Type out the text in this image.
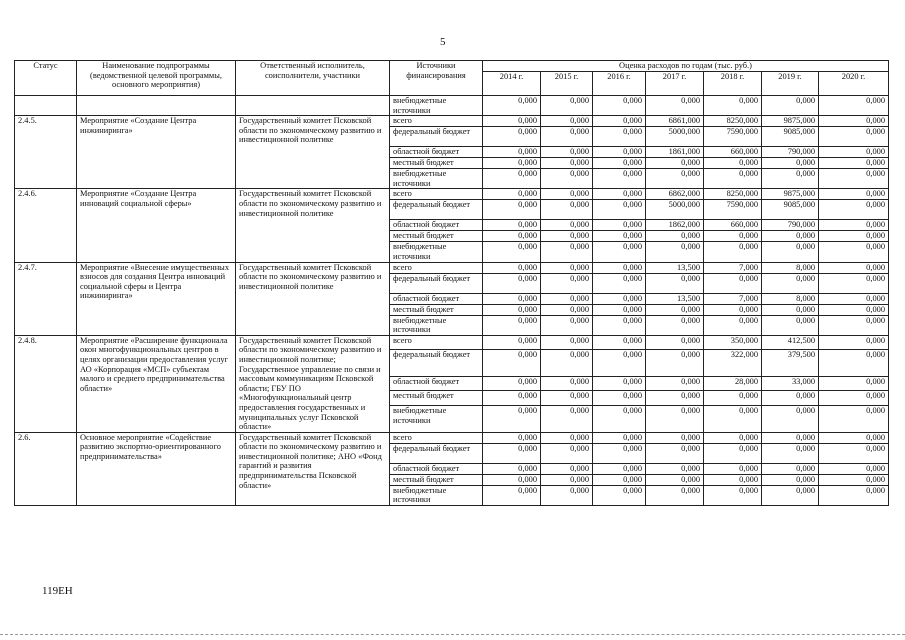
5
Статус	Наименование подпрограммы (ведомственной целевой программы, основного мероприятия)	Ответственный исполнитель, соисполнители, участники	Источники финансирования	Оценка расходов по годам (тыс. руб.)						
				2014 г.	2015 г.	2016 г.	2017 г.	2018 г.	2019 г.	2020 г.
			внебюджетные источники	0,000	0,000	0,000	0,000	0,000	0,000	0,000
2.4.5.	Мероприятие «Создание Центра инжиниринга»	Государственный комитет Псковской области по экономическому развитию и инвестиционной политике	всего	0,000	0,000	0,000	6861,000	8250,000	9875,000	0,000
			федеральный бюджет	0,000	0,000	0,000	5000,000	7590,000	9085,000	0,000
			областной бюджет	0,000	0,000	0,000	1861,000	660,000	790,000	0,000
			местный бюджет	0,000	0,000	0,000	0,000	0,000	0,000	0,000
			внебюджетные источники	0,000	0,000	0,000	0,000	0,000	0,000	0,000
2.4.6.	Мероприятие «Создание Центра инноваций социальной сферы»	Государственный комитет Псковской области по экономическому развитию и инвестиционной политике	всего	0,000	0,000	0,000	6862,000	8250,000	9875,000	0,000
			федеральный бюджет	0,000	0,000	0,000	5000,000	7590,000	9085,000	0,000
			областной бюджет	0,000	0,000	0,000	1862,000	660,000	790,000	0,000
			местный бюджет	0,000	0,000	0,000	0,000	0,000	0,000	0,000
			внебюджетные источники	0,000	0,000	0,000	0,000	0,000	0,000	0,000
2.4.7.	Мероприятие «Внесение имущественных взносов для создания Центра инноваций социальной сферы и Центра инжиниринга»	Государственный комитет Псковской области по экономическому развитию и инвестиционной политике	всего	0,000	0,000	0,000	13,500	7,000	8,000	0,000
			федеральный бюджет	0,000	0,000	0,000	0,000	0,000	0,000	0,000
			областной бюджет	0,000	0,000	0,000	13,500	7,000	8,000	0,000
			местный бюджет	0,000	0,000	0,000	0,000	0,000	0,000	0,000
			внебюджетные источники	0,000	0,000	0,000	0,000	0,000	0,000	0,000
2.4.8.	Мероприятие «Расширение функционала окон многофункциональных центров в целях организации предоставления услуг АО «Корпорация «МСП» субъектам малого и среднего предпринимательства области»	Государственный комитет Псковской области по экономическому развитию и инвестиционной политике; Государственное управление по связи и массовым коммуникациям Псковской области; ГБУ ПО «Многофункциональный центр предоставления государственных и муниципальных услуг Псковской области»	всего	0,000	0,000	0,000	0,000	350,000	412,500	0,000
			федеральный бюджет	0,000	0,000	0,000	0,000	322,000	379,500	0,000
			областной бюджет	0,000	0,000	0,000	0,000	28,000	33,000	0,000
			местный бюджет	0,000	0,000	0,000	0,000	0,000	0,000	0,000
			внебюджетные источники	0,000	0,000	0,000	0,000	0,000	0,000	0,000
2.6.	Основное мероприятие «Содействие развитию экспортно-ориентированного предпринимательства»	Государственный комитет Псковской области по экономическому развитию и инвестиционной политике; АНО «Фонд гарантий и развития предпринимательства Псковской области»	всего	0,000	0,000	0,000	0,000	0,000	0,000	0,000
			федеральный бюджет	0,000	0,000	0,000	0,000	0,000	0,000	0,000
			областной бюджет	0,000	0,000	0,000	0,000	0,000	0,000	0,000
			местный бюджет	0,000	0,000	0,000	0,000	0,000	0,000	0,000
			внебюджетные источники	0,000	0,000	0,000	0,000	0,000	0,000	0,000
119ЕН
